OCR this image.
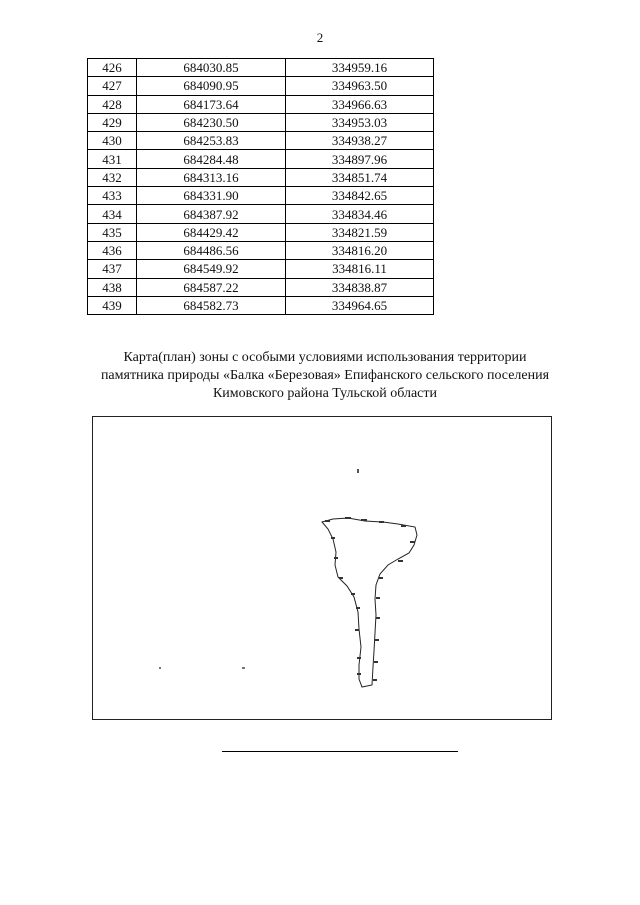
2
426	684030.85	334959.16
427	684090.95	334963.50
428	684173.64	334966.63
429	684230.50	334953.03
430	684253.83	334938.27
431	684284.48	334897.96
432	684313.16	334851.74
433	684331.90	334842.65
434	684387.92	334834.46
435	684429.42	334821.59
436	684486.56	334816.20
437	684549.92	334816.11
438	684587.22	334838.87
439	684582.73	334964.65
Карта(план) зоны с особыми условиями использования территории
памятника природы «Балка «Березовая» Епифанского сельского поселения
Кимовского района Тульской области
